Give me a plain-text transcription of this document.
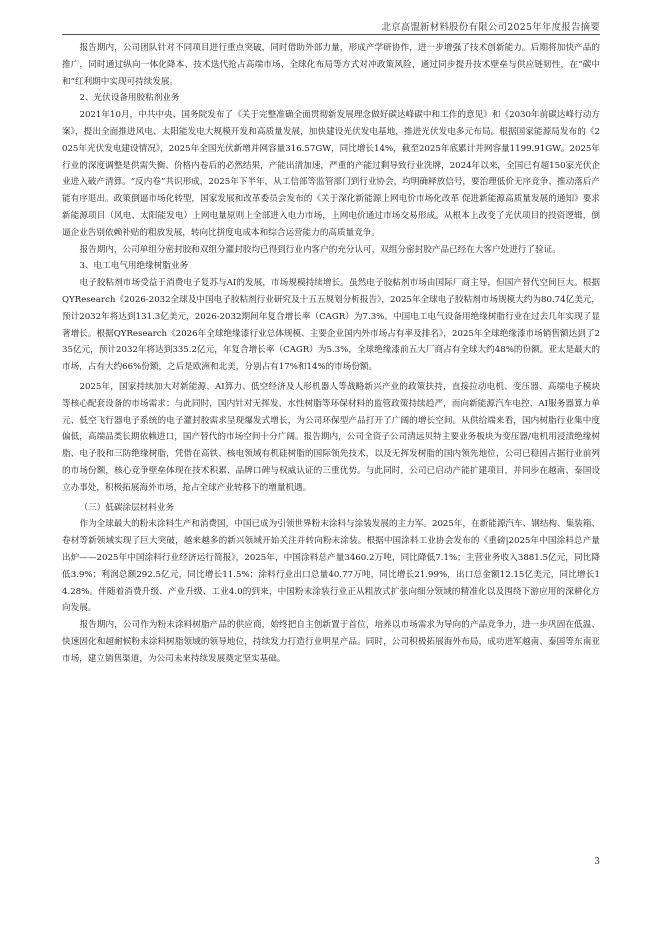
北京高盟新材料股份有限公司2025年年度报告摘要

报告期内，公司团队针对不同项目进行重点突破，同时借助外部力量，形成产学研协作，进一步增强了技术创新能力。后期将加快产品的推广，同时通过纵向一体化降本、技术迭代抢占高端市场、全球化布局等方式对冲政策风险，通过同步提升技术壁垒与供应链韧性，在“碳中和”红利期中实现可持续发展。

2、光伏设备用胶粘剂业务

2021年10月，中共中央、国务院发布了《关于完整准确全面贯彻新发展理念做好碳达峰碳中和工作的意见》和《2030年前碳达峰行动方案》，提出全面推进风电、太阳能发电大规模开发和高质量发展，加快建设光伏发电基地，推进光伏发电多元布局。根据国家能源局发布的《2025年光伏发电建设情况》，2025年全国光伏新增并网容量316.57GW，同比增长14%，截至2025年底累计并网容量1199.91GW。2025年行业的深度调整是供需失衡、价格内卷后的必然结果，产能出清加速，严重的产能过剩导致行业洗牌，2024年以来，全国已有超150家光伏企业进入破产清算。“反内卷”共识形成，2025年下半年，从工信部等监管部门到行业协会，均明确释放信号，要治理低价无序竞争、推动落后产能有序退出。政策倒逼市场化转型，国家发展和改革委员会发布的《关于深化新能源上网电价市场化改革 促进新能源高质量发展的通知》要求新能源项目（风电、太阳能发电）上网电量原则上全部进入电力市场，上网电价通过市场交易形成。从根本上改变了光伏项目的投资逻辑，倒逼企业告别依赖补贴的粗放发展，转向比拼度电成本和综合运营能力的高质量竞争。

报告期内，公司单组分密封胶和双组分灌封胶均已得到行业内客户的充分认可，双组分密封胶产品已经在大客户处进行了验证。

3、电工电气用绝缘树脂业务

电子胶粘剂市场受益于消费电子复苏与AI的发展，市场规模持续增长。虽然电子胶粘剂市场由国际厂商主导，但国产替代空间巨大。根据QYResearch《2026-2032全球及中国电子胶粘剂行业研究及十五五规划分析报告》，2025年全球电子胶粘剂市场规模大约为80.74亿美元，预计2032年将达到131.3亿美元，2026-2032期间年复合增长率（CAGR）为7.3%。中国电工电气设备用绝缘树脂行业在过去几年实现了显著增长。根据QYResearch《2026年全球绝缘漆行业总体规模、主要企业国内外市场占有率及排名》，2025年全球绝缘漆市场销售额达到了235亿元，预计2032年将达到335.2亿元，年复合增长率（CAGR）为5.3%，全球绝缘漆前五大厂商占有全球大约48%的份额。亚太是最大的市场，占有大约66%份额，之后是欧洲和北美，分别占有17%和14%的市场份额。

2025年，国家持续加大对新能源、AI算力、低空经济及人形机器人等战略新兴产业的政策扶持，直接拉动电机、变压器、高端电子模块等核心配套设备的市场需求；与此同时，国内针对无挥发、水性树脂等环保材料的监管政策持续趋严，而向新能源汽车电控、AI服务器算力单元、低空飞行器电子系统的电子灌封胶需求呈现爆发式增长，为公司环保型产品打开了广阔的增长空间。从供给端来看，国内树脂行业集中度偏低，高端品类长期依赖进口，国产替代的市场空间十分广阔。报告期内，公司全资子公司清远贝特主要业务板块为变压器/电机用浸渍绝缘树脂、电子胶和三防绝缘树脂，凭借在高铁、核电领域有机硅树脂的国际领先技术，以及无挥发树脂的国内领先地位，公司已稳固占据行业前列的市场份额，核心竞争壁垒体现在技术积累、品牌口碑与权威认证的三重优势。与此同时，公司已启动产能扩建项目，并同步在越南、泰国设立办事处，积极拓展海外市场，抢占全球产业转移下的增量机遇。

（三）低碳涂层材料业务

作为全球最大的粉末涂料生产和消费国，中国已成为引领世界粉末涂料与涂装发展的主力军。2025年，在新能源汽车、钢结构、集装箱、卷材等新领域实现了巨大突破，越来越多的新兴领域开始关注并转向粉末涂装。根据中国涂料工业协会发布的《重磅|2025年中国涂料总产量出炉——2025年中国涂料行业经济运行简报》，2025年，中国涂料总产量3460.2万吨，同比降低7.1%；主营业务收入3881.5亿元，同比降低3.9%；利润总额292.5亿元，同比增长11.5%；涂料行业出口总量40.77万吨，同比增长21.99%，出口总金额12.15亿美元，同比增长14.28%。伴随着消费升级、产业升级、工业4.0的到来，中国粉末涂装行业正从粗放式扩张向细分领域的精准化以及围绕下游应用的深耕化方向发展。

报告期内，公司作为粉末涂料树脂产品的供应商，始终把自主创新置于首位，培养以市场需求为导向的产品竞争力，进一步巩固在低温、快速固化和超耐候粉末涂料树脂领域的领导地位，持续发力打造行业明星产品。同时，公司积极拓展海外布局，成功进军越南、泰国等东南亚市场，建立销售渠道，为公司未来持续发展奠定坚实基础。

3
